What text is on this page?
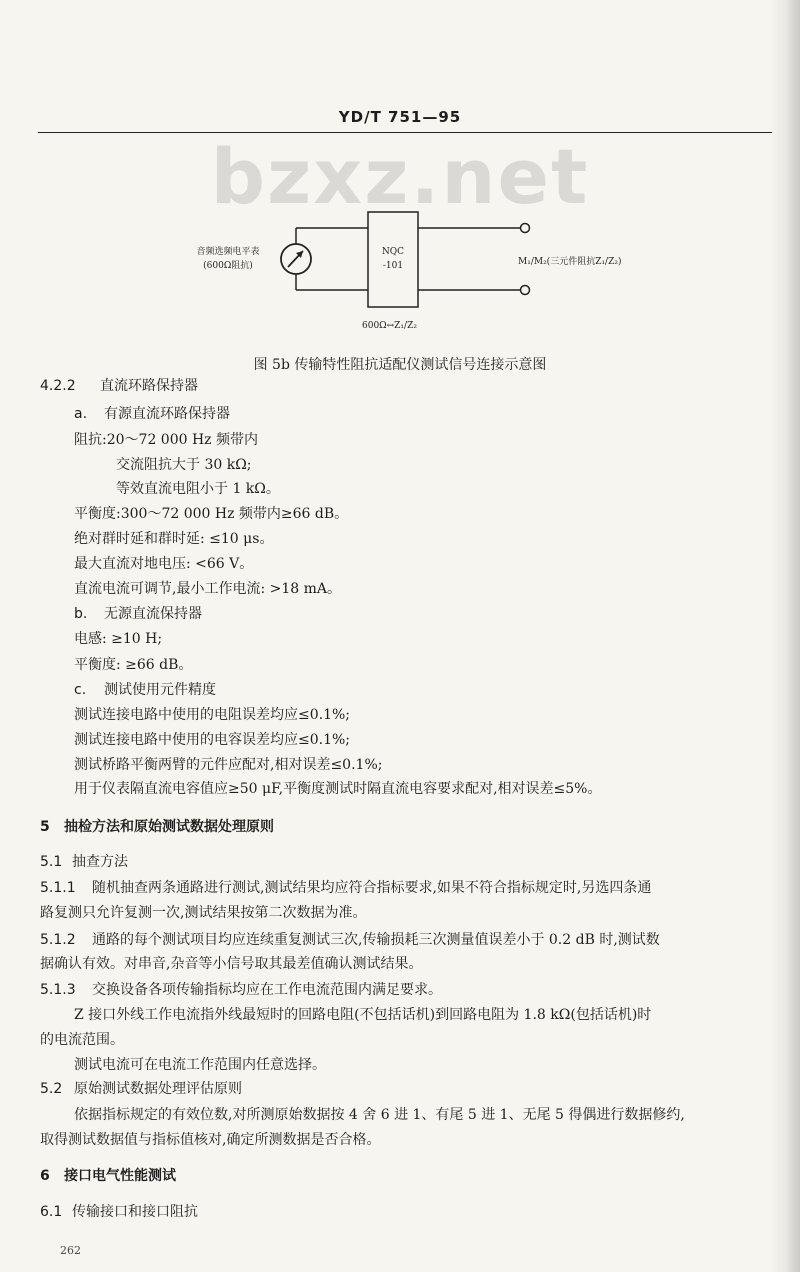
YD/T 751—95
bzxz.net
音频选频电平表
(600Ω阻抗)
NQC
-101	M₁/M₂(三元件阻抗Z₁/Z₂)
600Ω↔Z₁/Z₂
图 5b 传输特性阻抗适配仪测试信号连接示意图
4.2.2 直流环路保持器
a. 有源直流环路保持器
阻抗:20～72 000 Hz 频带内
交流阻抗大于 30 kΩ;
等效直流电阻小于 1 kΩ。
平衡度:300～72 000 Hz 频带内≥66 dB。
绝对群时延和群时延: ≤10 μs。
最大直流对地电压: <66 V。
直流电流可调节,最小工作电流: >18 mA。
b. 无源直流保持器
电感: ≥10 H;
平衡度: ≥66 dB。
c. 测试使用元件精度
测试连接电路中使用的电阻误差均应≤0.1%;
测试连接电路中使用的电容误差均应≤0.1%;
测试桥路平衡两臂的元件应配对,相对误差≤0.1%;
用于仪表隔直流电容值应≥50 μF,平衡度测试时隔直流电容要求配对,相对误差≤5%。
5 抽检方法和原始测试数据处理原则
5.1 抽查方法
5.1.1 随机抽查两条通路进行测试,测试结果均应符合指标要求,如果不符合指标规定时,另选四条通
路复测只允许复测一次,测试结果按第二次数据为准。
5.1.2 通路的每个测试项目均应连续重复测试三次,传输损耗三次测量值误差小于 0.2 dB 时,测试数
据确认有效。对串音,杂音等小信号取其最差值确认测试结果。
5.1.3 交换设备各项传输指标均应在工作电流范围内满足要求。
Z 接口外线工作电流指外线最短时的回路电阻(不包括话机)到回路电阻为 1.8 kΩ(包括话机)时
的电流范围。
测试电流可在电流工作范围内任意选择。
5.2 原始测试数据处理评估原则
依据指标规定的有效位数,对所测原始数据按 4 舍 6 进 1、有尾 5 进 1、无尾 5 得偶进行数据修约,
取得测试数据值与指标值核对,确定所测数据是否合格。
6 接口电气性能测试
6.1 传输接口和接口阻抗
262
